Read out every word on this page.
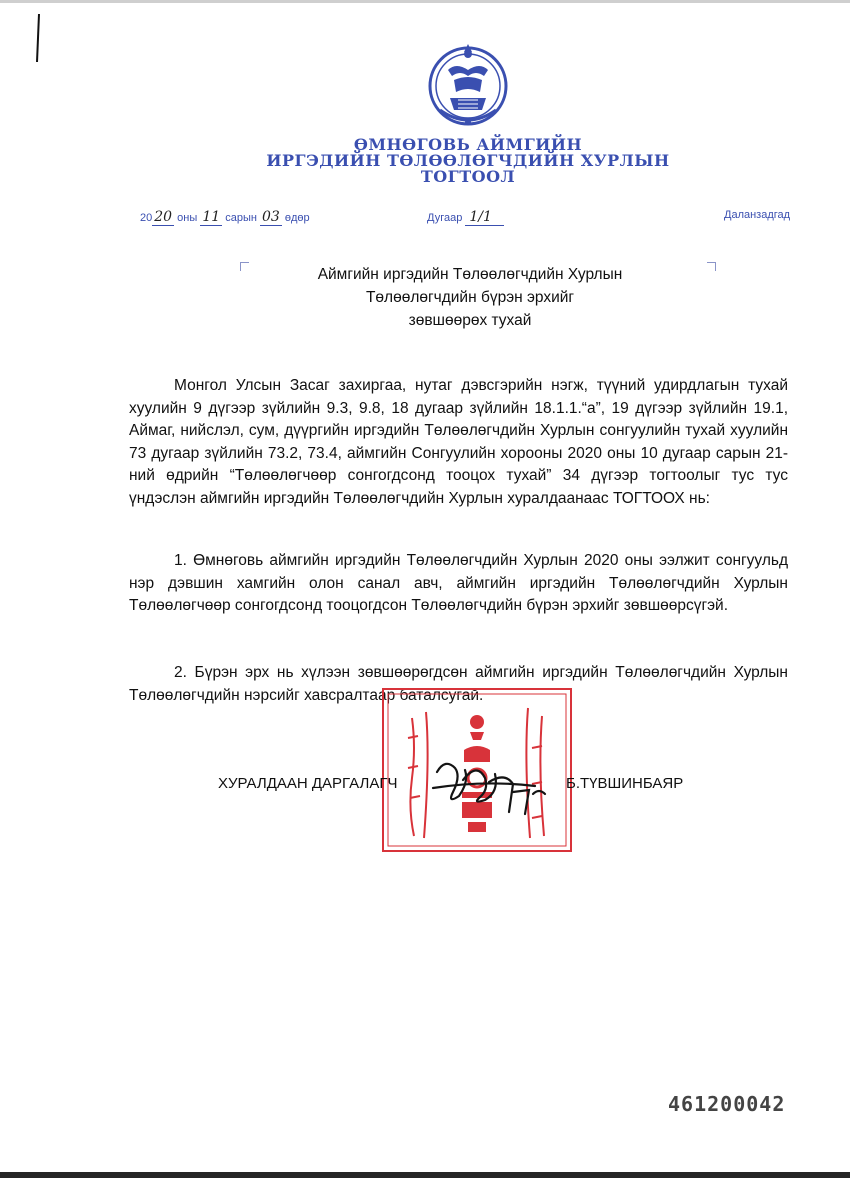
ӨМНӨГОВЬ АЙМГИЙН
ИРГЭДИЙН ТӨЛӨӨЛӨГЧДИЙН ХУРЛЫН
ТОГТООЛ
20 20 оны 11 сарын 03 өдөр	Дугаар 1/1	Даланзадгад
Аймгийн иргэдийн Төлөөлөгчдийн Хурлын
Төлөөлөгчдийн бүрэн эрхийг
зөвшөөрөх тухай

Монгол Улсын Засаг захиргаа, нутаг дэвсгэрийн нэгж, түүний удирдлагын тухай хуулийн 9 дүгээр зүйлийн 9.3, 9.8, 18 дугаар зүйлийн 18.1.1.“а”, 19 дүгээр зүйлийн 19.1, Аймаг, нийслэл, сум, дүүргийн иргэдийн Төлөөлөгчдийн Хурлын сонгуулийн тухай хуулийн 73 дугаар зүйлийн 73.2, 73.4, аймгийн Сонгуулийн хорооны 2020 оны 10 дугаар сарын 21-ний өдрийн “Төлөөлөгчөөр сонгогдсонд тооцох тухай” 34 дүгээр тогтоолыг тус тус үндэслэн аймгийн иргэдийн Төлөөлөгчдийн Хурлын хуралдаанаас ТОГТООХ нь:

1. Өмнөговь аймгийн иргэдийн Төлөөлөгчдийн Хурлын 2020 оны ээлжит сонгуульд нэр дэвшин хамгийн олон санал авч, аймгийн иргэдийн Төлөөлөгчдийн Хурлын Төлөөлөгчөөр сонгогдсонд тооцогдсон Төлөөлөгчдийн бүрэн эрхийг зөвшөөрсүгэй.

2. Бүрэн эрх нь хүлээн зөвшөөрөгдсөн аймгийн иргэдийн Төлөөлөгчдийн Хурлын Төлөөлөгчдийн нэрсийг хавсралтаар баталсугай.

ХУРАЛДААН ДАРГАЛАГЧ	Б.ТҮВШИНБАЯР
461200042
